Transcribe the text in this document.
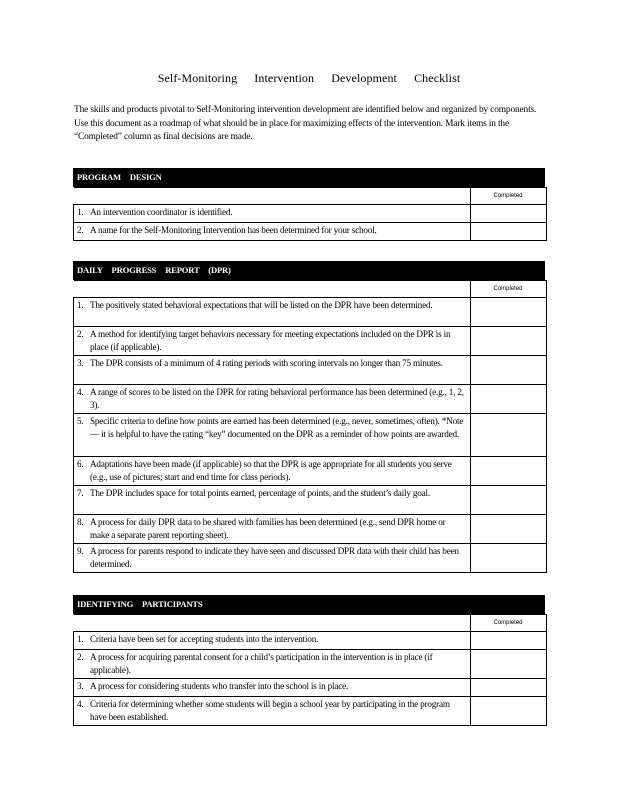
Self-Monitoring Intervention Development Checklist
The skills and products pivotal to Self-Monitoring intervention development are identified below and organized by components. Use this document as a roadmap of what should be in place for maximizing effects of the intervention. Mark items in the “Completed” column as final decisions are made.
PROGRAM DESIGN

	Completed

1. An intervention coordinator is identified.	

2. A name for the Self-Monitoring Intervention has been determined for your school.	

DAILY PROGRESS REPORT (DPR)

	Completed

1. The positively stated behavioral expectations that will be listed on the DPR have been determined.	

2. A method for identifying target behaviors necessary for meeting expectations included on the DPR is in place (if applicable).	

3. The DPR consists of a minimum of 4 rating periods with scoring intervals no longer than 75 minutes.	

4. A range of scores to be listed on the DPR for rating behavioral performance has been determined (e.g., 1, 2, 3).	

5. Specific criteria to define how points are earned has been determined (e.g., never, sometimes, often). *Note— it is helpful to have the rating “key” documented on the DPR as a reminder of how points are awarded.	

6. Adaptations have been made (if applicable) so that the DPR is age appropriate for all students you serve (e.g., use of pictures; start and end time for class periods).	

7. The DPR includes space for total points earned, percentage of points, and the student’s daily goal.	

8. A process for daily DPR data to be shared with families has been determined (e.g., send DPR home or make a separate parent reporting sheet).	

9. A process for parents respond to indicate they have seen and discussed DPR data with their child has been determined.	

IDENTIFYING PARTICIPANTS

	Completed

1. Criteria have been set for accepting students into the intervention.	

2. A process for acquiring parental consent for a child’s participation in the intervention is in place (if applicable).	

3. A process for considering students who transfer into the school is in place.	

4. Criteria for determining whether some students will begin a school year by participating in the program have been established.	
